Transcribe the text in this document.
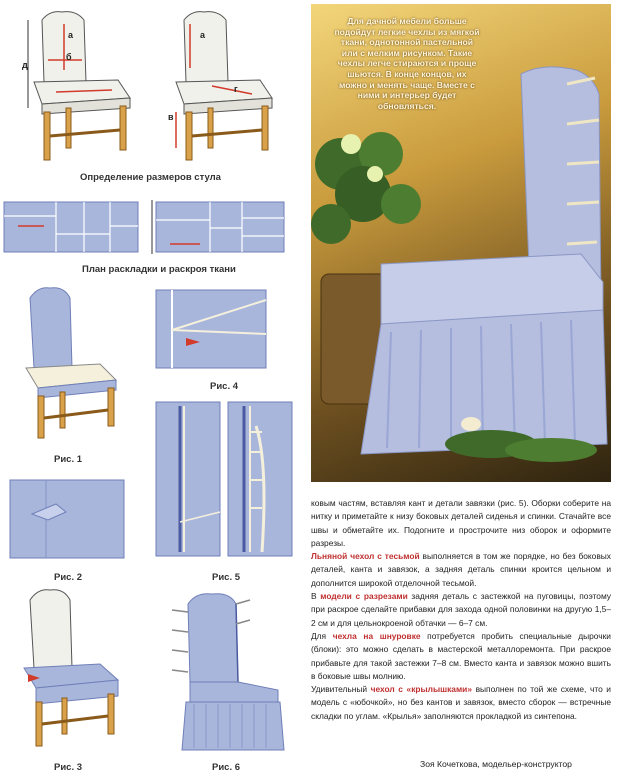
д
а
б
а
г
в
Определение размеров стула
План раскладки и раскроя ткани
Рис. 1
Рис. 4
Рис. 2	Рис. 5
Рис. 3	Рис. 6
Для дачной мебели больше подойдут легкие чехлы из мягкой ткани, однотонной пастельной или с мелким рисунком. Такие чехлы легче стираются и проще шьются. В конце концов, их можно и менять чаще. Вместе с ними и интерьер будет обновляться.

ковым частям, вставляя кант и детали завязки (рис. 5). Оборки соберите на нитку и приметайте к низу боковых деталей сиденья и спинки. Стачайте все швы и обметайте их. Подогните и прострочите низ оборок и оформите разрезы.

Льняной чехол с тесьмой выполняется в том же порядке, но без боковых деталей, канта и завязок, а задняя деталь спинки кроится цельном и дополнится широкой отделочной тесьмой.

В модели с разрезами задняя деталь с застежкой на пуговицы, поэтому при раскрое сделайте прибавки для захода одной половинки на другую 1,5–2 см и для цельнокроеной обтачки — 6–7 см.

Для чехла на шнуровке потребуется пробить специальные дырочки (блоки): это можно сделать в мастерской металлоремонта. При раскрое прибавьте для такой застежки 7–8 см. Вместо канта и завязок можно вшить в боковые швы молнию.

Удивительный чехол с «крылышками» выполнен по той же схеме, что и модель с «юбочкой», но без кантов и завязок, вместо сборок — встречные складки по углам. «Крылья» заполняются прокладкой из синтепона.

Зоя Кочеткова, модельер-конструктор
